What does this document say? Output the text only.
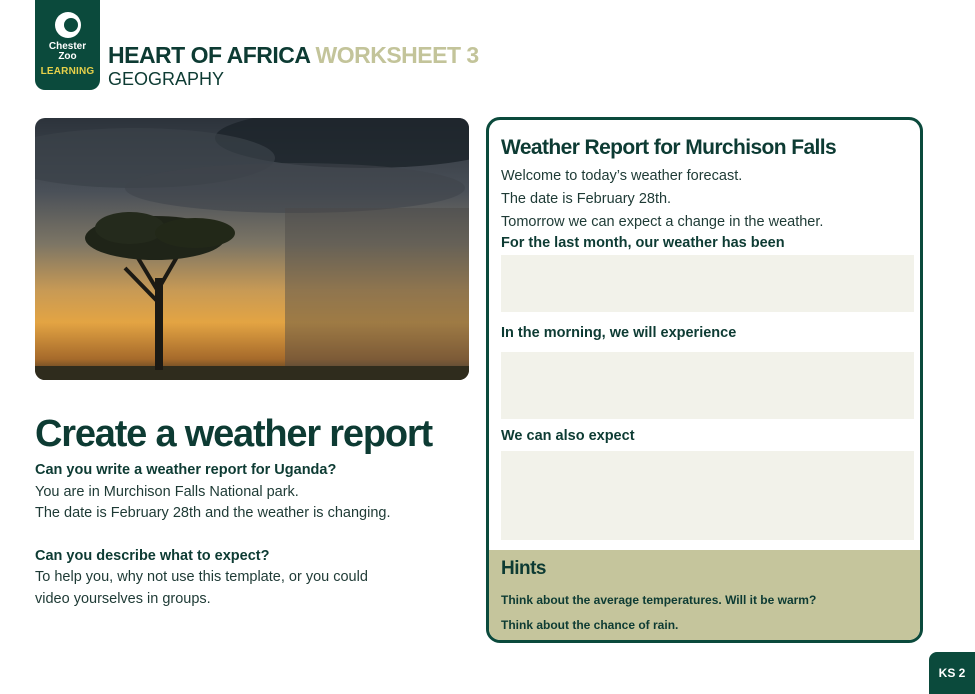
Chester
Zoo
LEARNING
HEART OF AFRICA WORKSHEET 3
GEOGRAPHY
Create a weather report
Can you write a weather report for Uganda?
You are in Murchison Falls National park.
The date is February 28th and the weather is changing.
Can you describe what to expect?
To help you, why not use this template, or you could
video yourselves in groups.
Weather Report for Murchison Falls
Welcome to today’s weather forecast.
The date is February 28th.
Tomorrow we can expect a change in the weather.
For the last month, our weather has been
In the morning, we will experience
We can also expect
Hints
Think about the average temperatures. Will it be warm?
Think about the chance of rain.
KS 2
